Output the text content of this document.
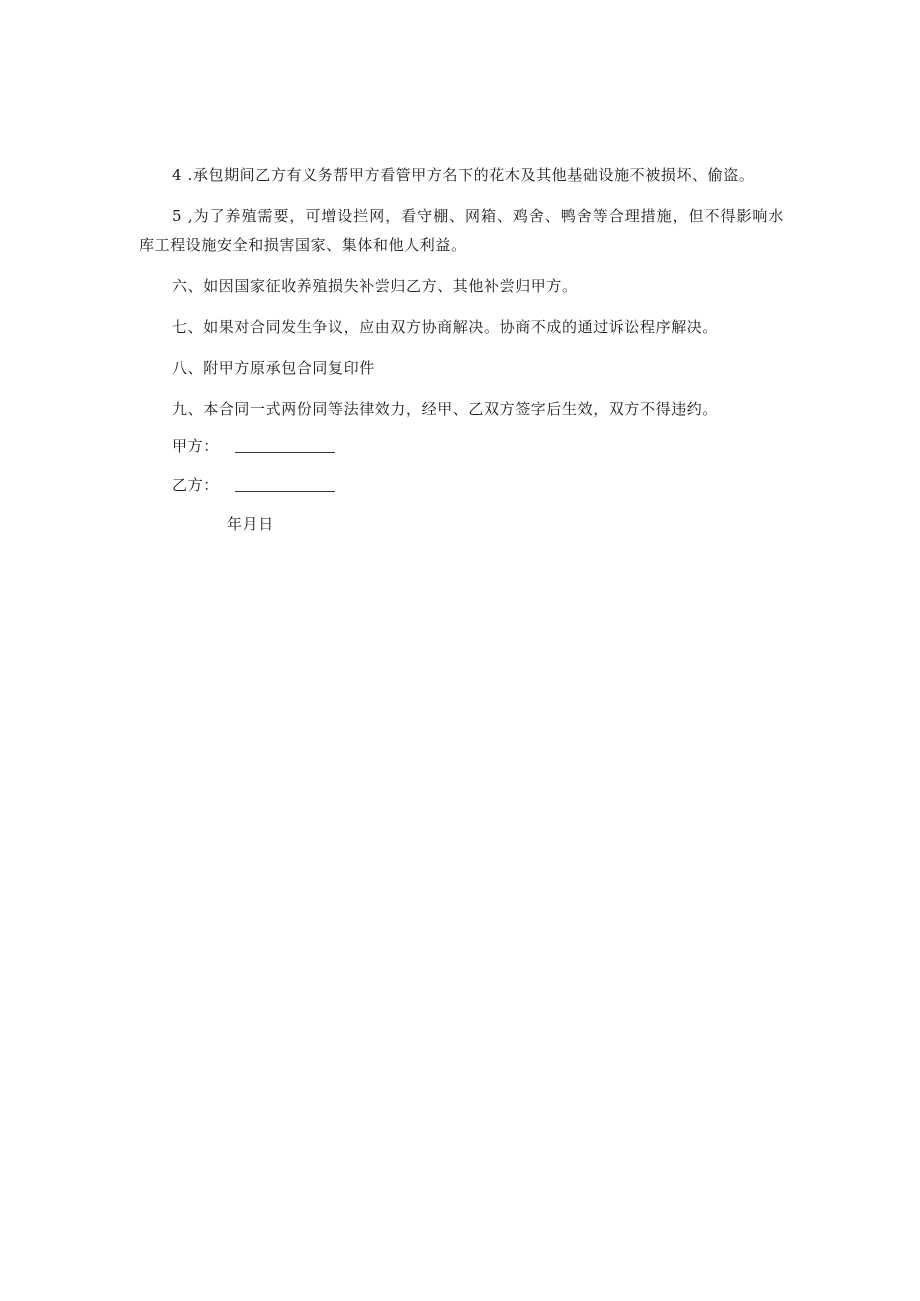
4 .承包期间乙方有义务帮甲方看管甲方名下的花木及其他基础设施不被损坏、偷盗。

5 ,为了养殖需要，可增设拦网，看守棚、网箱、鸡舍、鸭舍等合理措施，但不得影响水库工程设施安全和损害国家、集体和他人利益。

六、如因国家征收养殖损失补尝归乙方、其他补尝归甲方。

七、如果对合同发生争议，应由双方协商解决。协商不成的通过诉讼程序解决。

八、附甲方原承包合同复印件

九、本合同一式两份同等法律效力，经甲、乙双方签字后生效，双方不得违约。

甲方：
乙方：
年月日
